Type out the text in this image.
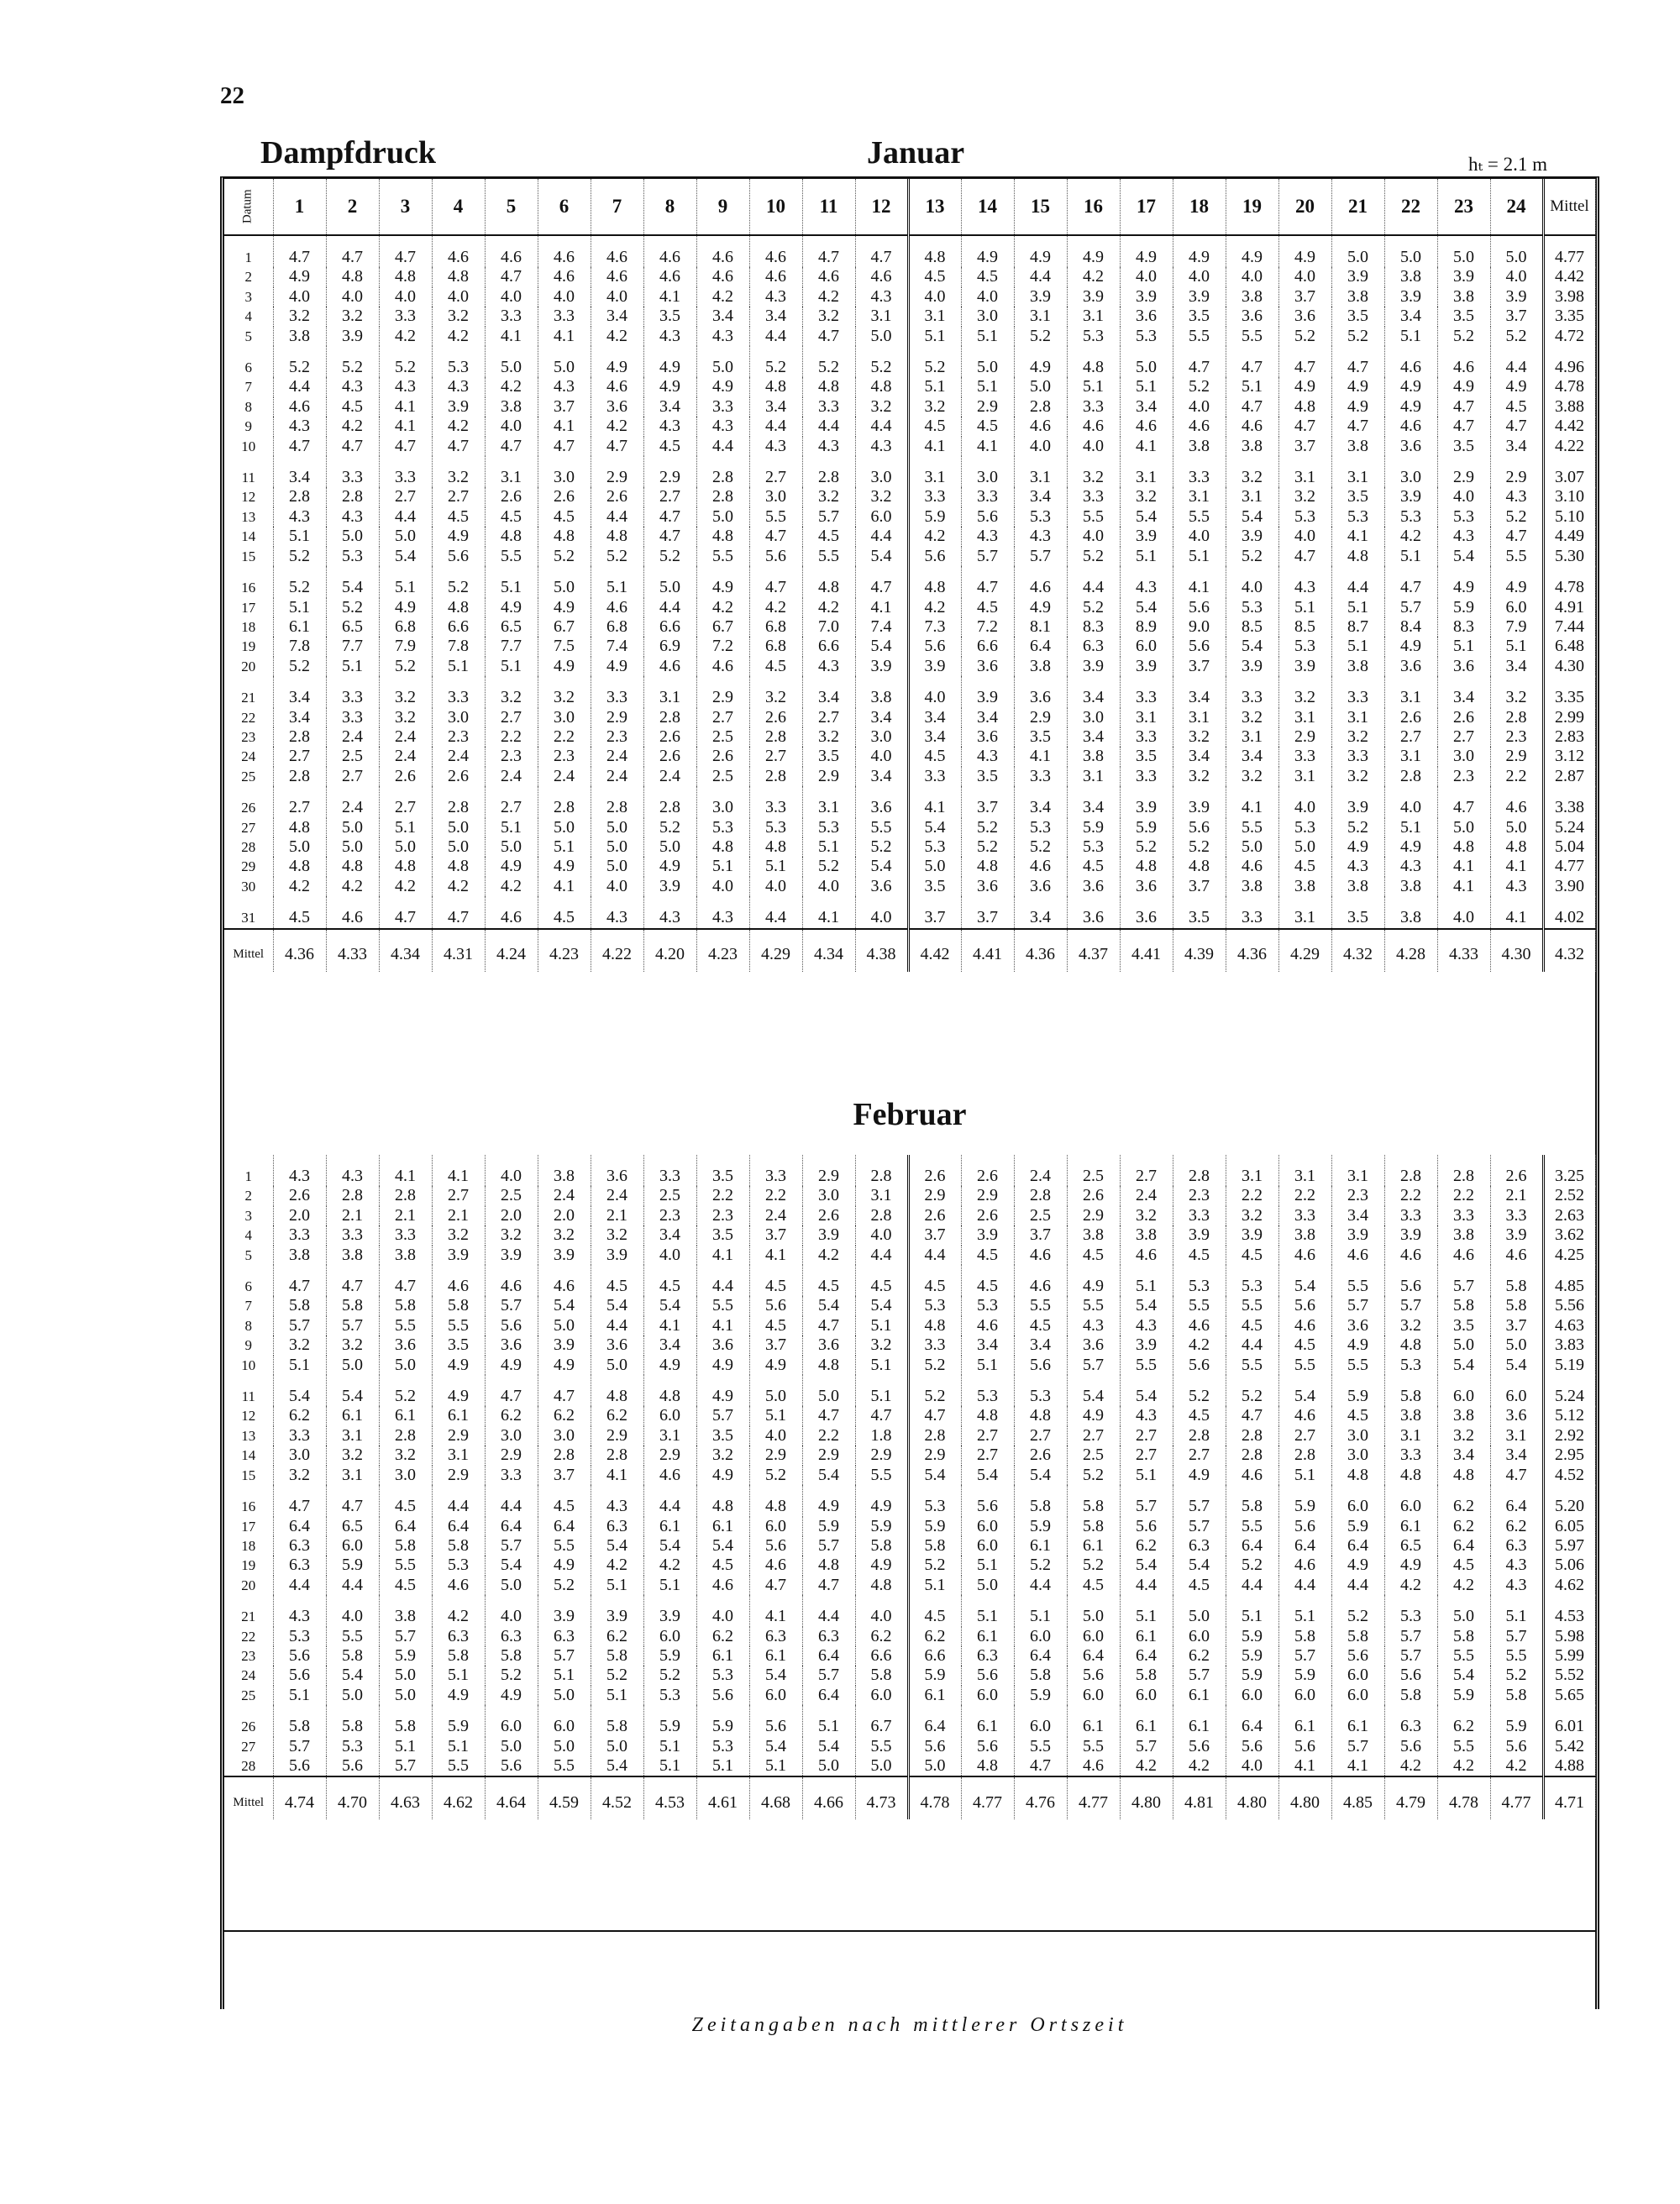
22
Dampfdruck	Januar	hₜ = 2.1 m
Datum	1	2	3	4	5	6	7	8	9	10	11	12	13	14	15	16	17	18	19	20	21	22	23	24	Mittel
1	4.7	4.7	4.7	4.6	4.6	4.6	4.6	4.6	4.6	4.6	4.7	4.7	4.8	4.9	4.9	4.9	4.9	4.9	4.9	4.9	5.0	5.0	5.0	5.0	4.77
2	4.9	4.8	4.8	4.8	4.7	4.6	4.6	4.6	4.6	4.6	4.6	4.6	4.5	4.5	4.4	4.2	4.0	4.0	4.0	4.0	3.9	3.8	3.9	4.0	4.42
3	4.0	4.0	4.0	4.0	4.0	4.0	4.0	4.1	4.2	4.3	4.2	4.3	4.0	4.0	3.9	3.9	3.9	3.9	3.8	3.7	3.8	3.9	3.8	3.9	3.98
4	3.2	3.2	3.3	3.2	3.3	3.3	3.4	3.5	3.4	3.4	3.2	3.1	3.1	3.0	3.1	3.1	3.6	3.5	3.6	3.6	3.5	3.4	3.5	3.7	3.35
5	3.8	3.9	4.2	4.2	4.1	4.1	4.2	4.3	4.3	4.4	4.7	5.0	5.1	5.1	5.2	5.3	5.3	5.5	5.5	5.2	5.2	5.1	5.2	5.2	4.72
6	5.2	5.2	5.2	5.3	5.0	5.0	4.9	4.9	5.0	5.2	5.2	5.2	5.2	5.0	4.9	4.8	5.0	4.7	4.7	4.7	4.7	4.6	4.6	4.4	4.96
7	4.4	4.3	4.3	4.3	4.2	4.3	4.6	4.9	4.9	4.8	4.8	4.8	5.1	5.1	5.0	5.1	5.1	5.2	5.1	4.9	4.9	4.9	4.9	4.9	4.78
8	4.6	4.5	4.1	3.9	3.8	3.7	3.6	3.4	3.3	3.4	3.3	3.2	3.2	2.9	2.8	3.3	3.4	4.0	4.7	4.8	4.9	4.9	4.7	4.5	3.88
9	4.3	4.2	4.1	4.2	4.0	4.1	4.2	4.3	4.3	4.4	4.4	4.4	4.5	4.5	4.6	4.6	4.6	4.6	4.6	4.7	4.7	4.6	4.7	4.7	4.42
10	4.7	4.7	4.7	4.7	4.7	4.7	4.7	4.5	4.4	4.3	4.3	4.3	4.1	4.1	4.0	4.0	4.1	3.8	3.8	3.7	3.8	3.6	3.5	3.4	4.22
11	3.4	3.3	3.3	3.2	3.1	3.0	2.9	2.9	2.8	2.7	2.8	3.0	3.1	3.0	3.1	3.2	3.1	3.3	3.2	3.1	3.1	3.0	2.9	2.9	3.07
12	2.8	2.8	2.7	2.7	2.6	2.6	2.6	2.7	2.8	3.0	3.2	3.2	3.3	3.3	3.4	3.3	3.2	3.1	3.1	3.2	3.5	3.9	4.0	4.3	3.10
13	4.3	4.3	4.4	4.5	4.5	4.5	4.4	4.7	5.0	5.5	5.7	6.0	5.9	5.6	5.3	5.5	5.4	5.5	5.4	5.3	5.3	5.3	5.3	5.2	5.10
14	5.1	5.0	5.0	4.9	4.8	4.8	4.8	4.7	4.8	4.7	4.5	4.4	4.2	4.3	4.3	4.0	3.9	4.0	3.9	4.0	4.1	4.2	4.3	4.7	4.49
15	5.2	5.3	5.4	5.6	5.5	5.2	5.2	5.2	5.5	5.6	5.5	5.4	5.6	5.7	5.7	5.2	5.1	5.1	5.2	4.7	4.8	5.1	5.4	5.5	5.30
16	5.2	5.4	5.1	5.2	5.1	5.0	5.1	5.0	4.9	4.7	4.8	4.7	4.8	4.7	4.6	4.4	4.3	4.1	4.0	4.3	4.4	4.7	4.9	4.9	4.78
17	5.1	5.2	4.9	4.8	4.9	4.9	4.6	4.4	4.2	4.2	4.2	4.1	4.2	4.5	4.9	5.2	5.4	5.6	5.3	5.1	5.1	5.7	5.9	6.0	4.91
18	6.1	6.5	6.8	6.6	6.5	6.7	6.8	6.6	6.7	6.8	7.0	7.4	7.3	7.2	8.1	8.3	8.9	9.0	8.5	8.5	8.7	8.4	8.3	7.9	7.44
19	7.8	7.7	7.9	7.8	7.7	7.5	7.4	6.9	7.2	6.8	6.6	5.4	5.6	6.6	6.4	6.3	6.0	5.6	5.4	5.3	5.1	4.9	5.1	5.1	6.48
20	5.2	5.1	5.2	5.1	5.1	4.9	4.9	4.6	4.6	4.5	4.3	3.9	3.9	3.6	3.8	3.9	3.9	3.7	3.9	3.9	3.8	3.6	3.6	3.4	4.30
21	3.4	3.3	3.2	3.3	3.2	3.2	3.3	3.1	2.9	3.2	3.4	3.8	4.0	3.9	3.6	3.4	3.3	3.4	3.3	3.2	3.3	3.1	3.4	3.2	3.35
22	3.4	3.3	3.2	3.0	2.7	3.0	2.9	2.8	2.7	2.6	2.7	3.4	3.4	3.4	2.9	3.0	3.1	3.1	3.2	3.1	3.1	2.6	2.6	2.8	2.99
23	2.8	2.4	2.4	2.3	2.2	2.2	2.3	2.6	2.5	2.8	3.2	3.0	3.4	3.6	3.5	3.4	3.3	3.2	3.1	2.9	3.2	2.7	2.7	2.3	2.83
24	2.7	2.5	2.4	2.4	2.3	2.3	2.4	2.6	2.6	2.7	3.5	4.0	4.5	4.3	4.1	3.8	3.5	3.4	3.4	3.3	3.3	3.1	3.0	2.9	3.12
25	2.8	2.7	2.6	2.6	2.4	2.4	2.4	2.4	2.5	2.8	2.9	3.4	3.3	3.5	3.3	3.1	3.3	3.2	3.2	3.1	3.2	2.8	2.3	2.2	2.87
26	2.7	2.4	2.7	2.8	2.7	2.8	2.8	2.8	3.0	3.3	3.1	3.6	4.1	3.7	3.4	3.4	3.9	3.9	4.1	4.0	3.9	4.0	4.7	4.6	3.38
27	4.8	5.0	5.1	5.0	5.1	5.0	5.0	5.2	5.3	5.3	5.3	5.5	5.4	5.2	5.3	5.9	5.9	5.6	5.5	5.3	5.2	5.1	5.0	5.0	5.24
28	5.0	5.0	5.0	5.0	5.0	5.1	5.0	5.0	4.8	4.8	5.1	5.2	5.3	5.2	5.2	5.3	5.2	5.2	5.0	5.0	4.9	4.9	4.8	4.8	5.04
29	4.8	4.8	4.8	4.8	4.9	4.9	5.0	4.9	5.1	5.1	5.2	5.4	5.0	4.8	4.6	4.5	4.8	4.8	4.6	4.5	4.3	4.3	4.1	4.1	4.77
30	4.2	4.2	4.2	4.2	4.2	4.1	4.0	3.9	4.0	4.0	4.0	3.6	3.5	3.6	3.6	3.6	3.6	3.7	3.8	3.8	3.8	3.8	4.1	4.3	3.90
31	4.5	4.6	4.7	4.7	4.6	4.5	4.3	4.3	4.3	4.4	4.1	4.0	3.7	3.7	3.4	3.6	3.6	3.5	3.3	3.1	3.5	3.8	4.0	4.1	4.02
Mittel	4.36	4.33	4.34	4.31	4.24	4.23	4.22	4.20	4.23	4.29	4.34	4.38	4.42	4.41	4.36	4.37	4.41	4.39	4.36	4.29	4.32	4.28	4.33	4.30	4.32
Februar
1	4.3	4.3	4.1	4.1	4.0	3.8	3.6	3.3	3.5	3.3	2.9	2.8	2.6	2.6	2.4	2.5	2.7	2.8	3.1	3.1	3.1	2.8	2.8	2.6	3.25
2	2.6	2.8	2.8	2.7	2.5	2.4	2.4	2.5	2.2	2.2	3.0	3.1	2.9	2.9	2.8	2.6	2.4	2.3	2.2	2.2	2.3	2.2	2.2	2.1	2.52
3	2.0	2.1	2.1	2.1	2.0	2.0	2.1	2.3	2.3	2.4	2.6	2.8	2.6	2.6	2.5	2.9	3.2	3.3	3.2	3.3	3.4	3.3	3.3	3.3	2.63
4	3.3	3.3	3.3	3.2	3.2	3.2	3.2	3.4	3.5	3.7	3.9	4.0	3.7	3.9	3.7	3.8	3.8	3.9	3.9	3.8	3.9	3.9	3.8	3.9	3.62
5	3.8	3.8	3.8	3.9	3.9	3.9	3.9	4.0	4.1	4.1	4.2	4.4	4.4	4.5	4.6	4.5	4.6	4.5	4.5	4.6	4.6	4.6	4.6	4.6	4.25
6	4.7	4.7	4.7	4.6	4.6	4.6	4.5	4.5	4.4	4.5	4.5	4.5	4.5	4.5	4.6	4.9	5.1	5.3	5.3	5.4	5.5	5.6	5.7	5.8	4.85
7	5.8	5.8	5.8	5.8	5.7	5.4	5.4	5.4	5.5	5.6	5.4	5.4	5.3	5.3	5.5	5.5	5.4	5.5	5.5	5.6	5.7	5.7	5.8	5.8	5.56
8	5.7	5.7	5.5	5.5	5.6	5.0	4.4	4.1	4.1	4.5	4.7	5.1	4.8	4.6	4.5	4.3	4.3	4.6	4.5	4.6	3.6	3.2	3.5	3.7	4.63
9	3.2	3.2	3.6	3.5	3.6	3.9	3.6	3.4	3.6	3.7	3.6	3.2	3.3	3.4	3.4	3.6	3.9	4.2	4.4	4.5	4.9	4.8	5.0	5.0	3.83
10	5.1	5.0	5.0	4.9	4.9	4.9	5.0	4.9	4.9	4.9	4.8	5.1	5.2	5.1	5.6	5.7	5.5	5.6	5.5	5.5	5.5	5.3	5.4	5.4	5.19
11	5.4	5.4	5.2	4.9	4.7	4.7	4.8	4.8	4.9	5.0	5.0	5.1	5.2	5.3	5.3	5.4	5.4	5.2	5.2	5.4	5.9	5.8	6.0	6.0	5.24
12	6.2	6.1	6.1	6.1	6.2	6.2	6.2	6.0	5.7	5.1	4.7	4.7	4.7	4.8	4.8	4.9	4.3	4.5	4.7	4.6	4.5	3.8	3.8	3.6	5.12
13	3.3	3.1	2.8	2.9	3.0	3.0	2.9	3.1	3.5	4.0	2.2	1.8	2.8	2.7	2.7	2.7	2.7	2.8	2.8	2.7	3.0	3.1	3.2	3.1	2.92
14	3.0	3.2	3.2	3.1	2.9	2.8	2.8	2.9	3.2	2.9	2.9	2.9	2.9	2.7	2.6	2.5	2.7	2.7	2.8	2.8	3.0	3.3	3.4	3.4	2.95
15	3.2	3.1	3.0	2.9	3.3	3.7	4.1	4.6	4.9	5.2	5.4	5.5	5.4	5.4	5.4	5.2	5.1	4.9	4.6	5.1	4.8	4.8	4.8	4.7	4.52
16	4.7	4.7	4.5	4.4	4.4	4.5	4.3	4.4	4.8	4.8	4.9	4.9	5.3	5.6	5.8	5.8	5.7	5.7	5.8	5.9	6.0	6.0	6.2	6.4	5.20
17	6.4	6.5	6.4	6.4	6.4	6.4	6.3	6.1	6.1	6.0	5.9	5.9	5.9	6.0	5.9	5.8	5.6	5.7	5.5	5.6	5.9	6.1	6.2	6.2	6.05
18	6.3	6.0	5.8	5.8	5.7	5.5	5.4	5.4	5.4	5.6	5.7	5.8	5.8	6.0	6.1	6.1	6.2	6.3	6.4	6.4	6.4	6.5	6.4	6.3	5.97
19	6.3	5.9	5.5	5.3	5.4	4.9	4.2	4.2	4.5	4.6	4.8	4.9	5.2	5.1	5.2	5.2	5.4	5.4	5.2	4.6	4.9	4.9	4.5	4.3	5.06
20	4.4	4.4	4.5	4.6	5.0	5.2	5.1	5.1	4.6	4.7	4.7	4.8	5.1	5.0	4.4	4.5	4.4	4.5	4.4	4.4	4.4	4.2	4.2	4.3	4.62
21	4.3	4.0	3.8	4.2	4.0	3.9	3.9	3.9	4.0	4.1	4.4	4.0	4.5	5.1	5.1	5.0	5.1	5.0	5.1	5.1	5.2	5.3	5.0	5.1	4.53
22	5.3	5.5	5.7	6.3	6.3	6.3	6.2	6.0	6.2	6.3	6.3	6.2	6.2	6.1	6.0	6.0	6.1	6.0	5.9	5.8	5.8	5.7	5.8	5.7	5.98
23	5.6	5.8	5.9	5.8	5.8	5.7	5.8	5.9	6.1	6.1	6.4	6.6	6.6	6.3	6.4	6.4	6.4	6.2	5.9	5.7	5.6	5.7	5.5	5.5	5.99
24	5.6	5.4	5.0	5.1	5.2	5.1	5.2	5.2	5.3	5.4	5.7	5.8	5.9	5.6	5.8	5.6	5.8	5.7	5.9	5.9	6.0	5.6	5.4	5.2	5.52
25	5.1	5.0	5.0	4.9	4.9	5.0	5.1	5.3	5.6	6.0	6.4	6.0	6.1	6.0	5.9	6.0	6.0	6.1	6.0	6.0	6.0	5.8	5.9	5.8	5.65
26	5.8	5.8	5.8	5.9	6.0	6.0	5.8	5.9	5.9	5.6	5.1	6.7	6.4	6.1	6.0	6.1	6.1	6.1	6.4	6.1	6.1	6.3	6.2	5.9	6.01
27	5.7	5.3	5.1	5.1	5.0	5.0	5.0	5.1	5.3	5.4	5.4	5.5	5.6	5.6	5.5	5.5	5.7	5.6	5.6	5.6	5.7	5.6	5.5	5.6	5.42
28	5.6	5.6	5.7	5.5	5.6	5.5	5.4	5.1	5.1	5.1	5.0	5.0	5.0	4.8	4.7	4.6	4.2	4.2	4.0	4.1	4.1	4.2	4.2	4.2	4.88
Mittel	4.74	4.70	4.63	4.62	4.64	4.59	4.52	4.53	4.61	4.68	4.66	4.73	4.78	4.77	4.76	4.77	4.80	4.81	4.80	4.80	4.85	4.79	4.78	4.77	4.71
Zeitangaben nach mittlerer Ortszeit
